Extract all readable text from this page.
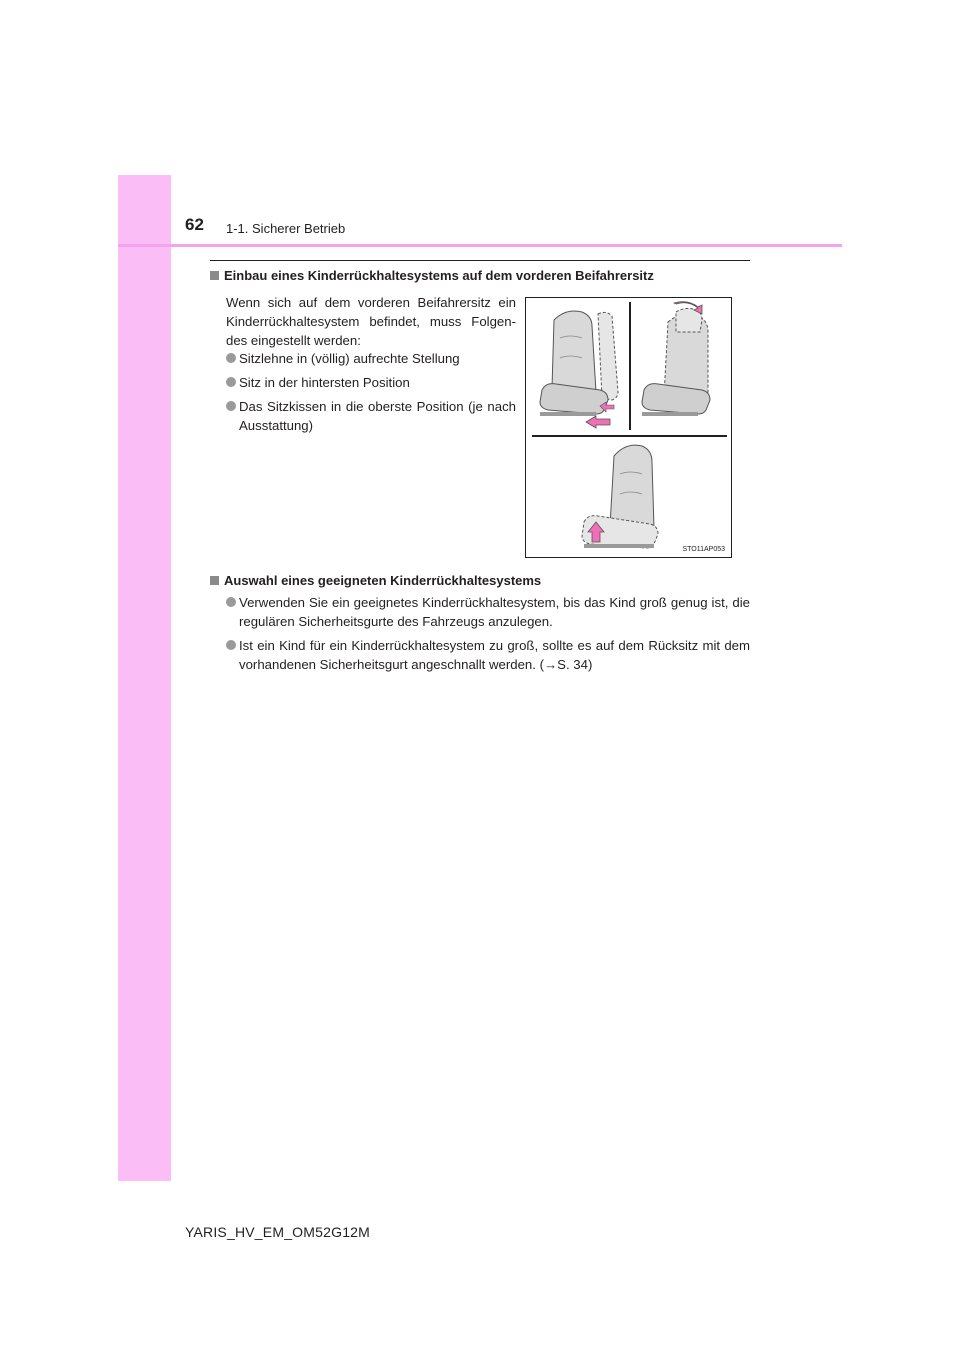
62 1-1. Sicherer Betrieb
Einbau eines Kinderrückhaltesystems auf dem vorderen Beifahrersitz
Wenn sich auf dem vorderen Beifahrersitz ein Kinderrückhaltesystem befindet, muss Folgen-des eingestellt werden:
Sitzlehne in (völlig) aufrechte Stellung
Sitz in der hintersten Position
Das Sitzkissen in die oberste Position (je nach Ausstattung)
STO11AP053
Auswahl eines geeigneten Kinderrückhaltesystems
Verwenden Sie ein geeignetes Kinderrückhaltesystem, bis das Kind groß genug ist, die regulären Sicherheitsgurte des Fahrzeugs anzulegen.
Ist ein Kind für ein Kinderrückhaltesystem zu groß, sollte es auf dem Rücksitz mit dem vorhandenen Sicherheitsgurt angeschnallt werden. (→S. 34)
YARIS_HV_EM_OM52G12M
